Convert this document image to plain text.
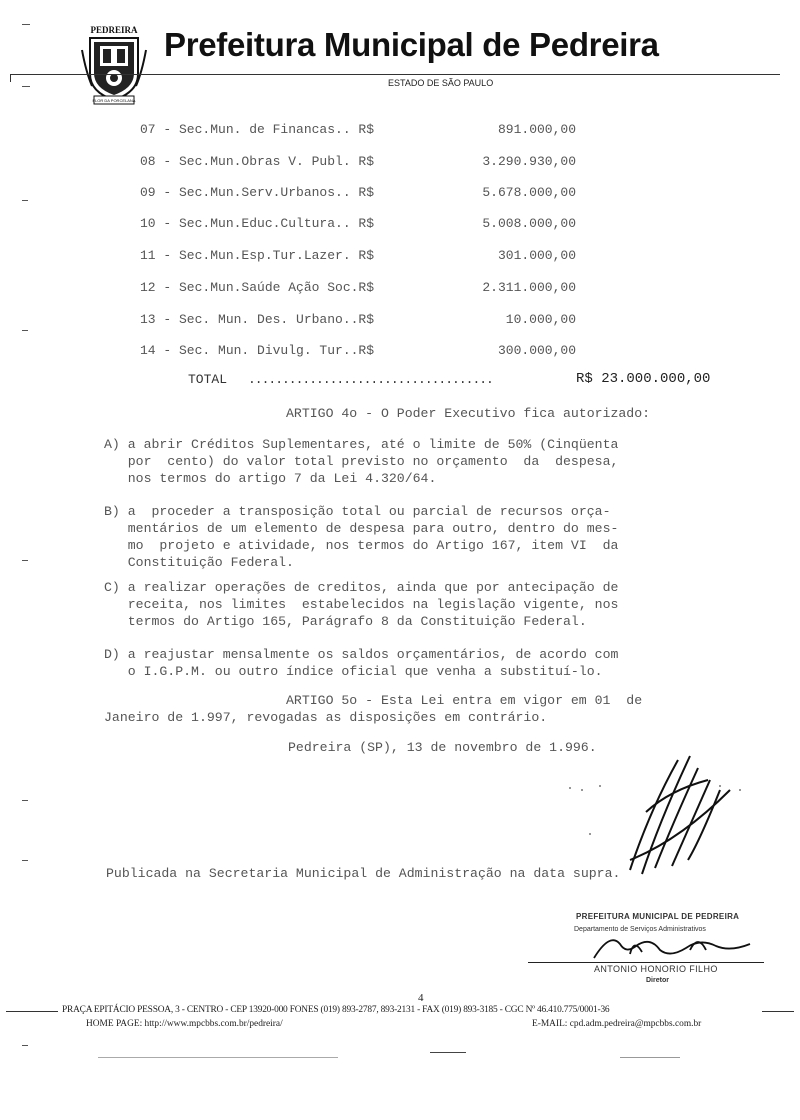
PEDREIRA
FLOR DA PORCELANA
Prefeitura Municipal de Pedreira
ESTADO DE SÃO PAULO
07 - Sec.Mun. de Financas.. R$	891.000,00
08 - Sec.Mun.Obras V. Publ. R$	3.290.930,00
09 - Sec.Mun.Serv.Urbanos.. R$	5.678.000,00
10 - Sec.Mun.Educ.Cultura.. R$	5.008.000,00
11 - Sec.Mun.Esp.Tur.Lazer. R$	301.000,00
12 - Sec.Mun.Saúde Ação Soc.R$	2.311.000,00
13 - Sec. Mun. Des. Urbano..R$	10.000,00
14 - Sec. Mun. Divulg. Tur..R$	300.000,00
TOTAL ....................................	R$ 23.000.000,00
ARTIGO 4o - O Poder Executivo fica autorizado:
A) a abrir Créditos Suplementares, até o limite de 50% (Cinqüenta
por  cento) do valor total previsto no orçamento  da  despesa,
nos termos do artigo 7 da Lei 4.320/64.
B) a  proceder a transposição total ou parcial de recursos orça-
mentários de um elemento de despesa para outro, dentro do mes-
mo  projeto e atividade, nos termos do Artigo 167, item VI  da
Constituição Federal.
C) a realizar operações de creditos, ainda que por antecipação de
receita, nos limites  estabelecidos na legislação vigente, nos
termos do Artigo 165, Parágrafo 8 da Constituição Federal.
D) a reajustar mensalmente os saldos orçamentários, de acordo com
o I.G.P.M. ou outro índice oficial que venha a substituí-lo.
ARTIGO 5o - Esta Lei entra em vigor em 01  de
Janeiro de 1.997, revogadas as disposições em contrário.
Pedreira (SP), 13 de novembro de 1.996.
Publicada na Secretaria Municipal de Administração na data supra.
PREFEITURA MUNICIPAL DE PEDREIRA
Departamento de Serviços Administrativos
ANTONIO HONORIO FILHO
Diretor
4
PRAÇA EPITÁCIO PESSOA, 3 - CENTRO - CEP 13920-000 FONES (019) 893-2787, 893-2131 - FAX (019) 893-3185 - CGC Nº 46.410.775/0001-36
HOME PAGE: http://www.mpcbbs.com.br/pedreira/	E-MAIL: cpd.adm.pedreira@mpcbbs.com.br
